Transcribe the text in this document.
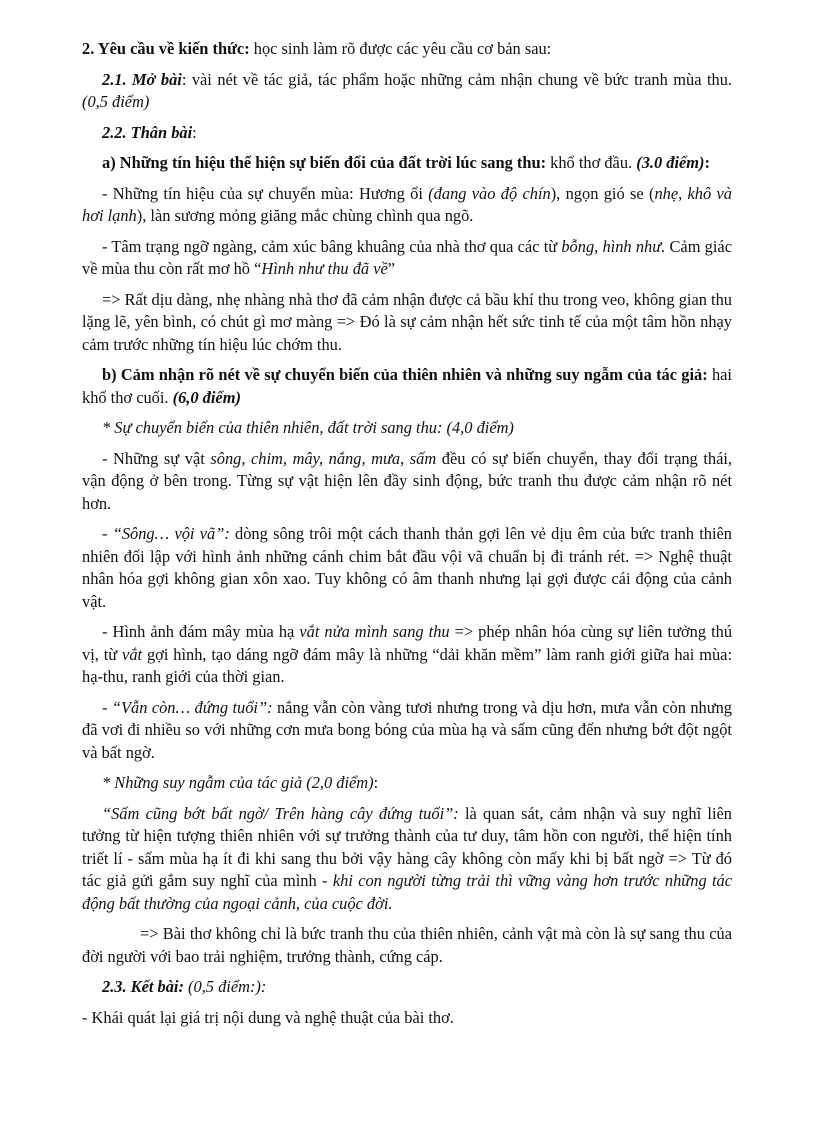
2. Yêu cầu về kiến thức: học sinh làm rõ được các yêu cầu cơ bản sau:

2.1. Mở bài: vài nét về tác giả, tác phẩm hoặc những cảm nhận chung về bức tranh mùa thu. (0,5 điểm)

2.2. Thân bài:

a) Những tín hiệu thể hiện sự biến đổi của đất trời lúc sang thu: khổ thơ đầu. (3.0 điểm):

- Những tín hiệu của sự chuyển mùa: Hương ổi (đang vào độ chín), ngọn gió se (nhẹ, khô và hơi lạnh), làn sương mỏng giăng mắc chùng chình qua ngõ.

- Tâm trạng ngỡ ngàng, cảm xúc bâng khuâng của nhà thơ qua các từ bỗng, hình như. Cảm giác về mùa thu còn rất mơ hồ “Hình như thu đã về”

=> Rất dịu dàng, nhẹ nhàng nhà thơ đã cảm nhận được cả bầu khí thu trong veo, không gian thu lặng lẽ, yên bình, có chút gì mơ màng => Đó là sự cảm nhận hết sức tinh tế của một tâm hồn nhạy cảm trước những tín hiệu lúc chớm thu.

b) Cảm nhận rõ nét về sự chuyển biến của thiên nhiên và những suy ngẫm của tác giả: hai khổ thơ cuối. (6,0 điểm)

* Sự chuyển biến của thiên nhiên, đất trời sang thu: (4,0 điểm)

- Những sự vật sông, chim, mây, nắng, mưa, sấm đều có sự biến chuyển, thay đổi trạng thái, vận động ở bên trong. Từng sự vật hiện lên đầy sinh động, bức tranh thu được cảm nhận rõ nét hơn.

- “Sông… vội vã”: dòng sông trôi một cách thanh thản gợi lên vẻ dịu êm của bức tranh thiên nhiên đối lập với hình ảnh những cánh chim bắt đầu vội vã chuẩn bị đi tránh rét. => Nghệ thuật nhân hóa gợi không gian xôn xao. Tuy không có âm thanh nhưng lại gợi được cái động của cảnh vật.

- Hình ảnh đám mây mùa hạ vắt nửa mình sang thu => phép nhân hóa cùng sự liên tưởng thú vị, từ vắt gợi hình, tạo dáng ngỡ đám mây là những “dải khăn mềm” làm ranh giới giữa hai mùa: hạ-thu, ranh giới của thời gian.

- “Vẫn còn… đứng tuổi”: nắng vẫn còn vàng tươi nhưng trong và dịu hơn, mưa vẫn còn nhưng đã vơi đi nhiều so với những cơn mưa bong bóng của mùa hạ và sấm cũng đến nhưng bớt đột ngột và bất ngờ.

* Những suy ngẫm của tác giả (2,0 điểm):

“Sấm cũng bớt bất ngờ/ Trên hàng cây đứng tuổi”: là quan sát, cảm nhận và suy nghĩ liên tưởng từ hiện tượng thiên nhiên với sự trưởng thành của tư duy, tâm hồn con người, thể hiện tính triết lí - sấm mùa hạ ít đi khi sang thu bởi vậy hàng cây không còn mấy khi bị bất ngờ => Từ đó tác giả gửi gắm suy nghĩ của mình - khi con người từng trải thì vững vàng hơn trước những tác động bất thường của ngoại cảnh, của cuộc đời.

=> Bài thơ không chỉ là bức tranh thu của thiên nhiên, cảnh vật mà còn là sự sang thu của đời người với bao trải nghiệm, trưởng thành, cứng cáp.

2.3. Kết bài: (0,5 điểm:):

- Khái quát lại giá trị nội dung và nghệ thuật của bài thơ.
